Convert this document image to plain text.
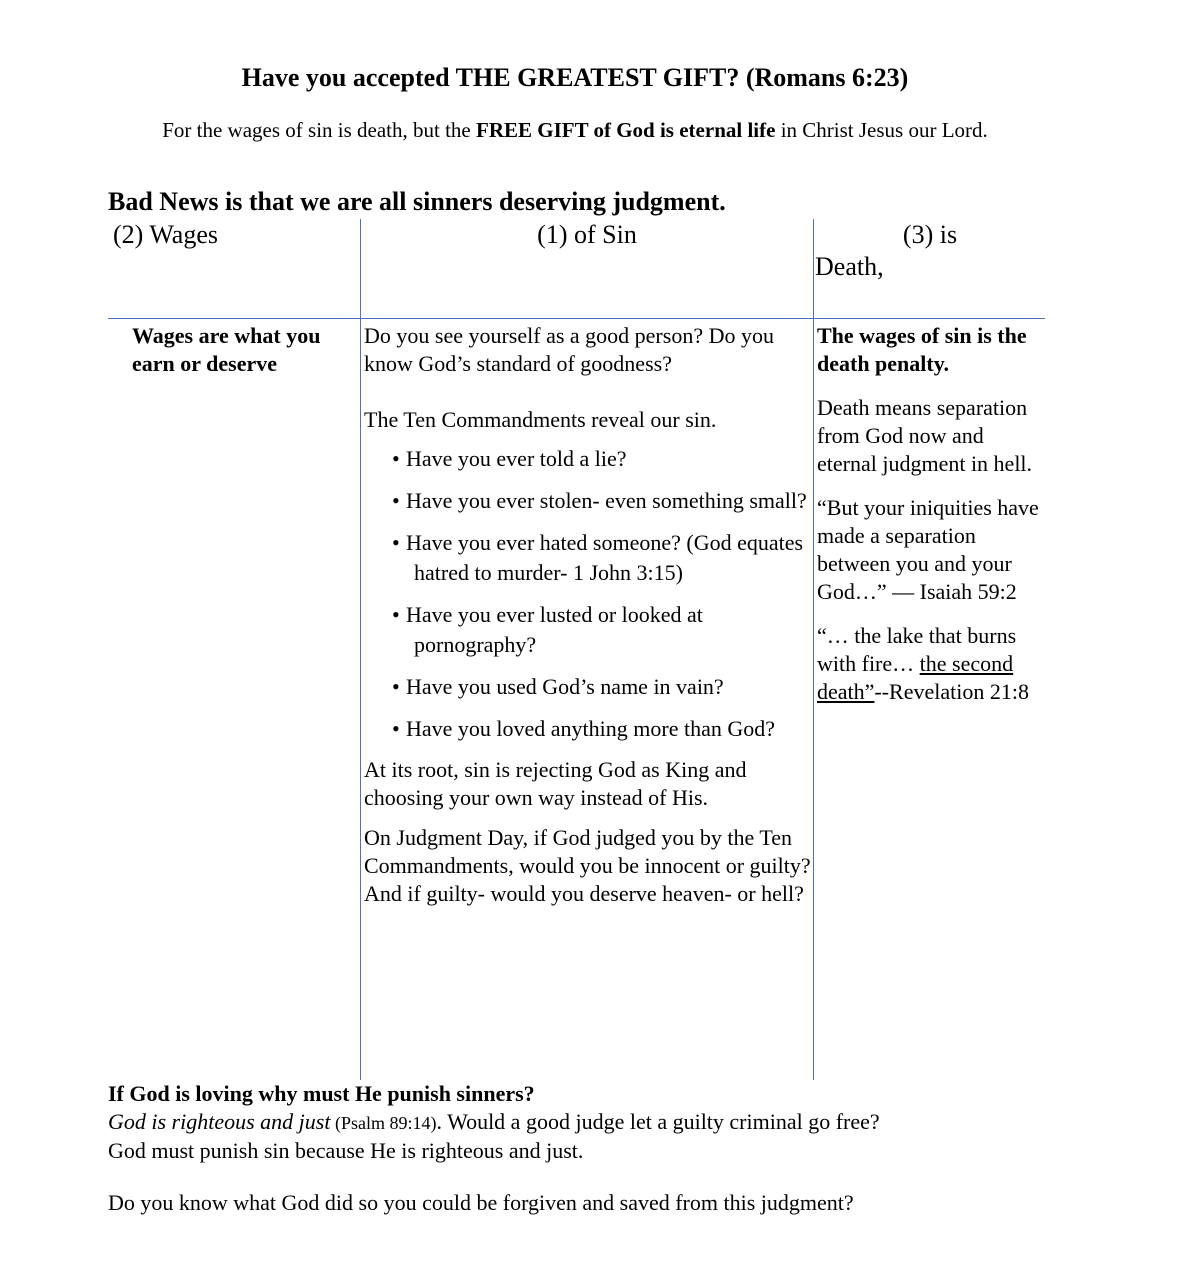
Have you accepted THE GREATEST GIFT? (Romans 6:23)
For the wages of sin is death, but the FREE GIFT of God is eternal life in Christ Jesus our Lord.
Bad News is that we are all sinners deserving judgment.
(2) Wages	(1) of Sin	(3) is
Death,
Wages are what you earn or deserve

Do you see yourself as a good person? Do you know God’s standard of goodness?

The Ten Commandments reveal our sin.

• Have you ever told a lie?
• Have you ever stolen- even something small?
• Have you ever hated someone? (God equates hatred to murder- 1 John 3:15)
• Have you ever lusted or looked at pornography?
• Have you used God’s name in vain?
• Have you loved anything more than God?

At its root, sin is rejecting God as King and choosing your own way instead of His.

On Judgment Day, if God judged you by the Ten Commandments, would you be innocent or guilty? And if guilty- would you deserve heaven- or hell?

The wages of sin is the death penalty.

Death means separation from God now and eternal judgment in hell.

“But your iniquities have made a separation between you and your God…” — Isaiah 59:2

“… the lake that burns with fire… the second death”--Revelation 21:8

If God is loving why must He punish sinners?

God is righteous and just (Psalm 89:14). Would a good judge let a guilty criminal go free?

God must punish sin because He is righteous and just.

Do you know what God did so you could be forgiven and saved from this judgment?
